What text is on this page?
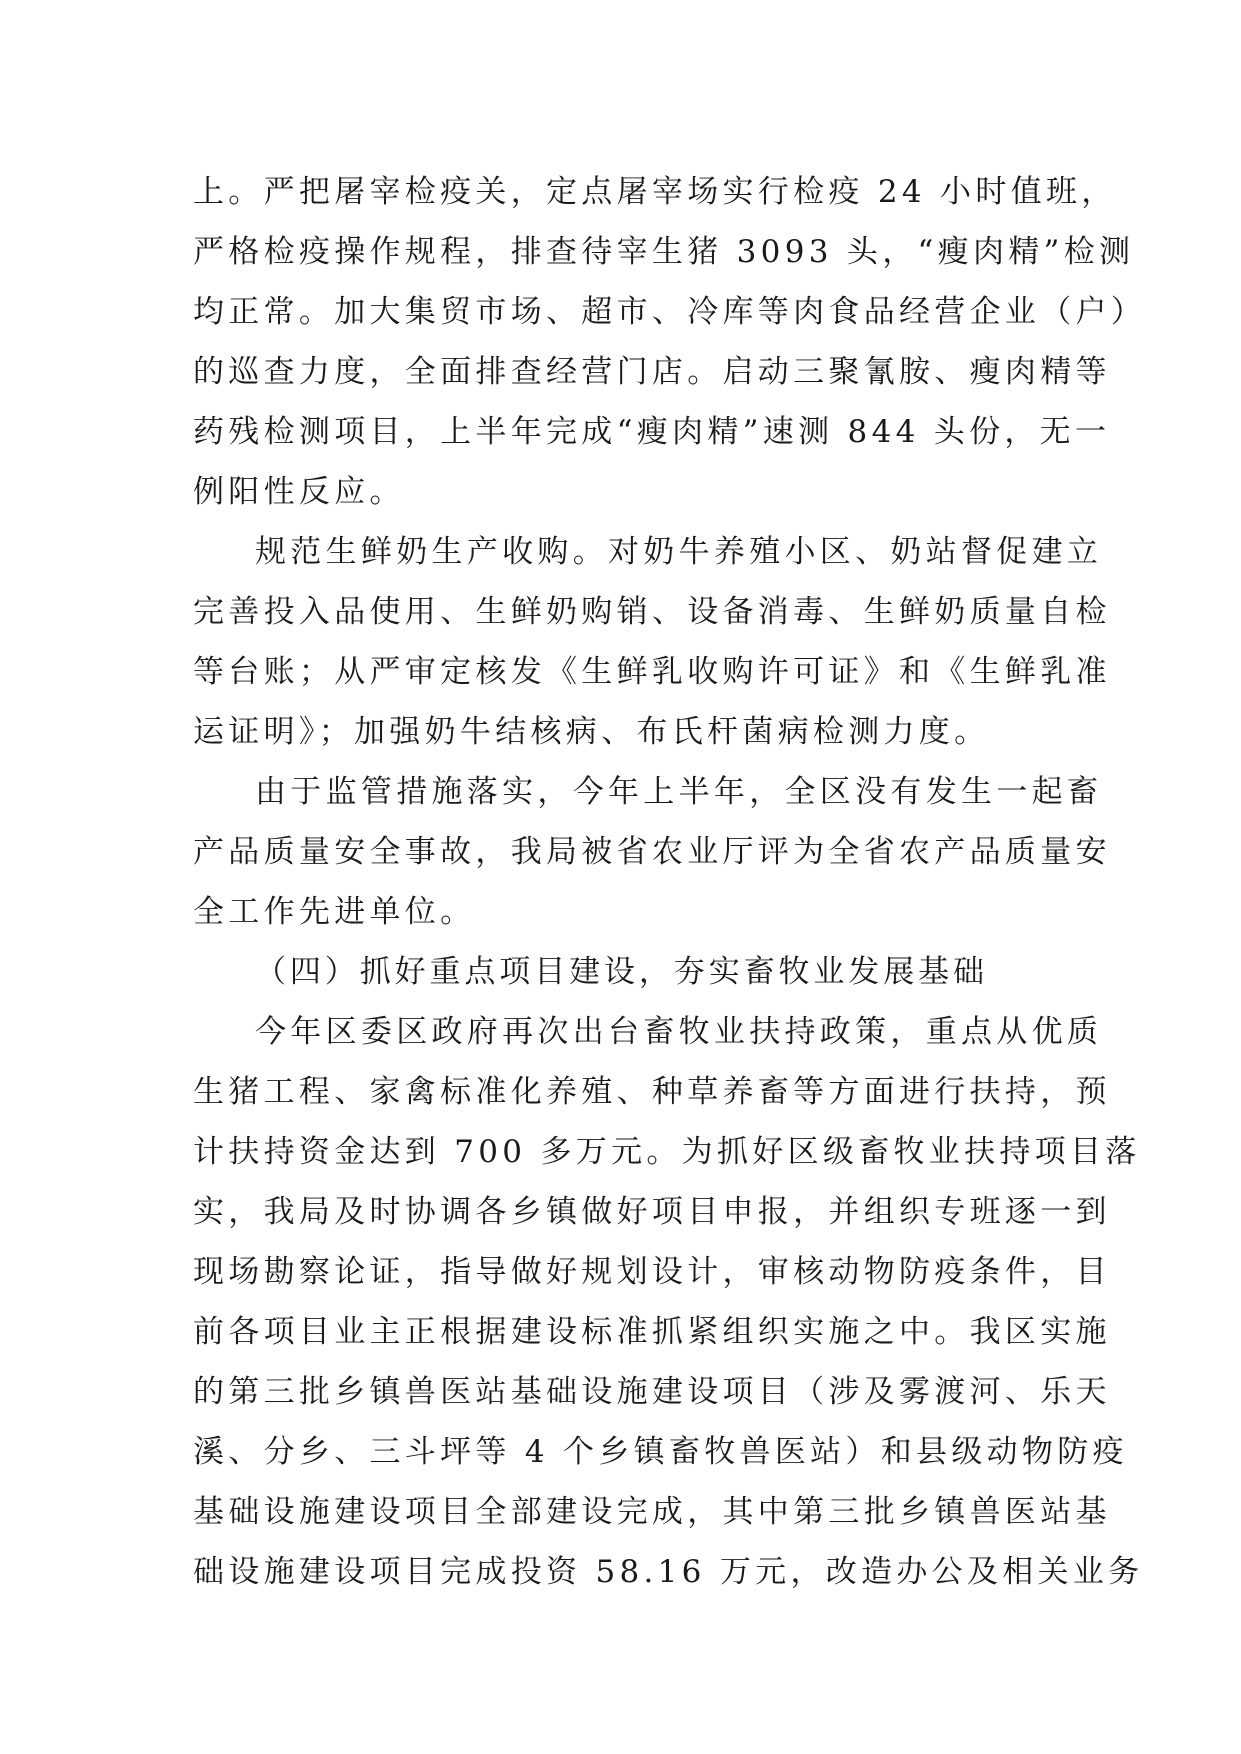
上。严把屠宰检疫关，定点屠宰场实行检疫 24 小时值班，
严格检疫操作规程，排查待宰生猪 3093 头，“瘦肉精”检测
均正常。加大集贸市场、超市、冷库等肉食品经营企业（户）
的巡查力度，全面排查经营门店。启动三聚氰胺、瘦肉精等
药残检测项目，上半年完成“瘦肉精”速测 844 头份，无一
例阳性反应。
规范生鲜奶生产收购。对奶牛养殖小区、奶站督促建立
完善投入品使用、生鲜奶购销、设备消毒、生鲜奶质量自检
等台账；从严审定核发《生鲜乳收购许可证》和《生鲜乳准
运证明》；加强奶牛结核病、布氏杆菌病检测力度。
由于监管措施落实，今年上半年，全区没有发生一起畜
产品质量安全事故，我局被省农业厅评为全省农产品质量安
全工作先进单位。
（四）抓好重点项目建设，夯实畜牧业发展基础
今年区委区政府再次出台畜牧业扶持政策，重点从优质
生猪工程、家禽标准化养殖、种草养畜等方面进行扶持，预
计扶持资金达到 700 多万元。为抓好区级畜牧业扶持项目落
实，我局及时协调各乡镇做好项目申报，并组织专班逐一到
现场勘察论证，指导做好规划设计，审核动物防疫条件，目
前各项目业主正根据建设标准抓紧组织实施之中。我区实施
的第三批乡镇兽医站基础设施建设项目（涉及雾渡河、乐天
溪、分乡、三斗坪等 4 个乡镇畜牧兽医站）和县级动物防疫
基础设施建设项目全部建设完成，其中第三批乡镇兽医站基
础设施建设项目完成投资 58.16 万元，改造办公及相关业务
